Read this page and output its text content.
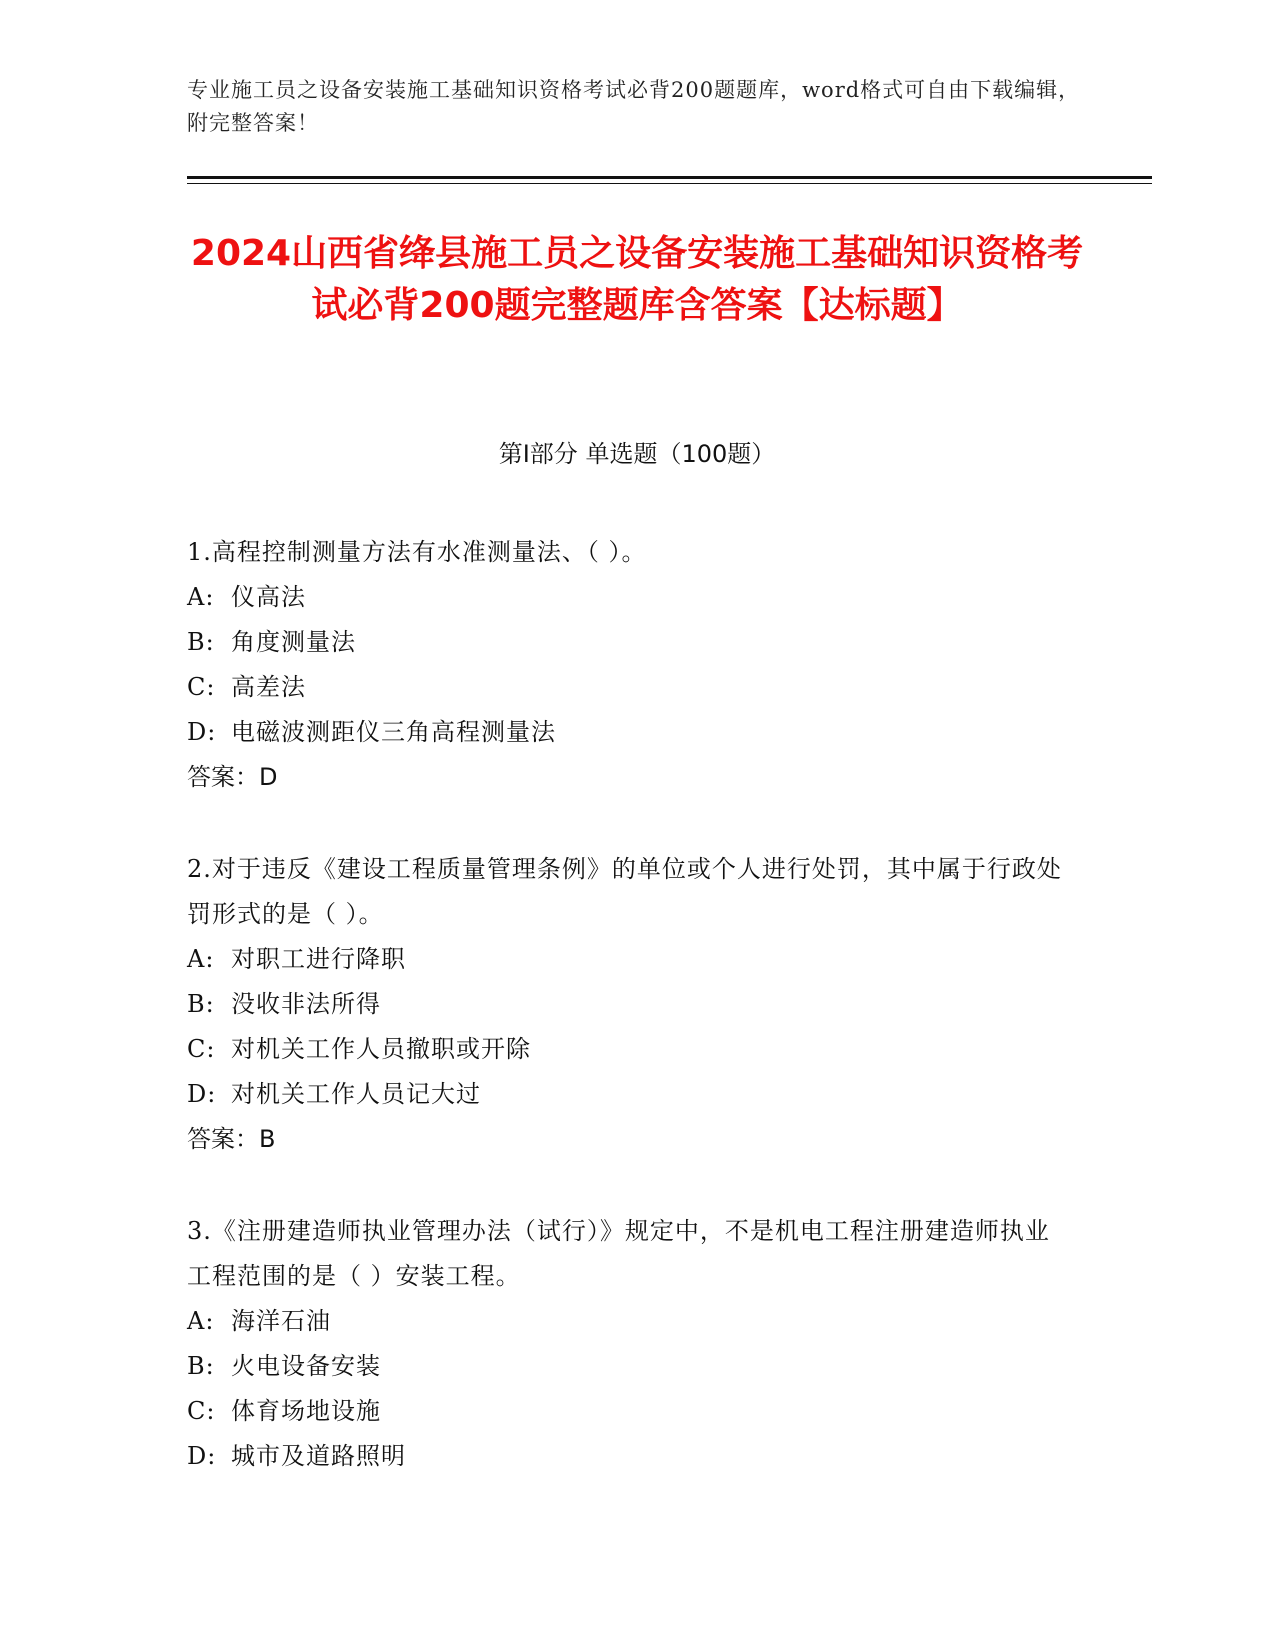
专业施工员之设备安装施工基础知识资格考试必背200题题库，word格式可自由下载编辑，附完整答案！
2024山西省绛县施工员之设备安装施工基础知识资格考试必背200题完整题库含答案【达标题】
第I部分 单选题（100题）
1.高程控制测量方法有水准测量法、（ ）。
A: 仪高法
B: 角度测量法
C: 高差法
D: 电磁波测距仪三角高程测量法
答案：D
2.对于违反《建设工程质量管理条例》的单位或个人进行处罚，其中属于行政处罚形式的是（ ）。
A: 对职工进行降职
B: 没收非法所得
C: 对机关工作人员撤职或开除
D: 对机关工作人员记大过
答案：B
3.《注册建造师执业管理办法（试行）》规定中，不是机电工程注册建造师执业工程范围的是（ ）安装工程。
A: 海洋石油
B: 火电设备安装
C: 体育场地设施
D: 城市及道路照明
